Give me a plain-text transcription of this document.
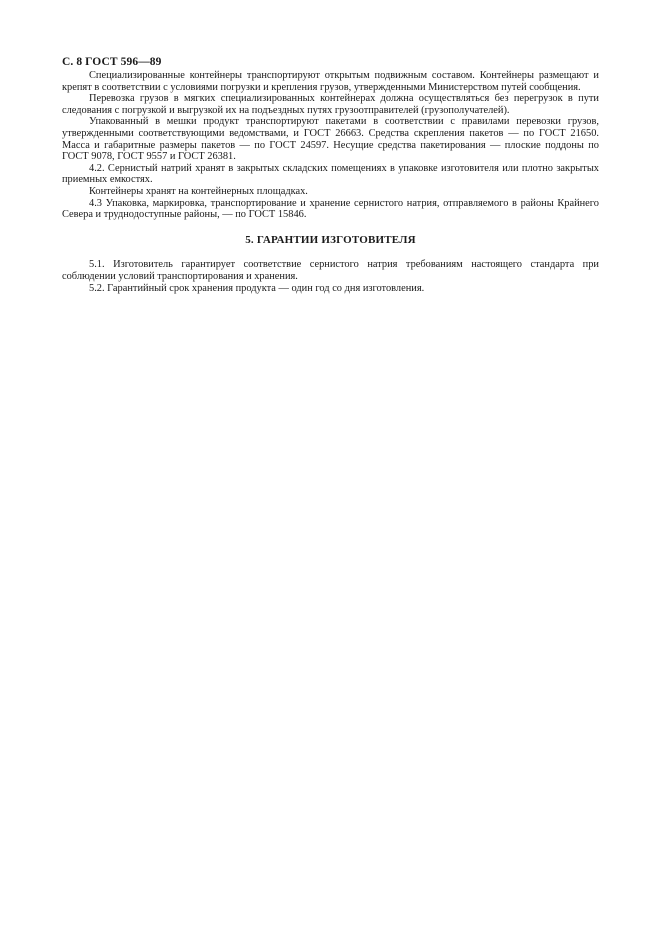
С. 8 ГОСТ 596—89

Специализированные контейнеры транспортируют открытым подвижным составом. Контейнеры размещают и крепят в соответствии с условиями погрузки и крепления грузов, утвержденными Министерством путей сообщения.

Перевозка грузов в мягких специализированных контейнерах должна осуществляться без перегрузок в пути следования с погрузкой и выгрузкой их на подъездных путях грузоотправителей (грузополучателей).

Упакованный в мешки продукт транспортируют пакетами в соответствии с правилами перевозки грузов, утвержденными соответствующими ведомствами, и ГОСТ 26663. Средства скрепления пакетов — по ГОСТ 21650. Масса и габаритные размеры пакетов — по ГОСТ 24597. Несущие средства пакетирования — плоские поддоны по ГОСТ 9078, ГОСТ 9557 и ГОСТ 26381.

4.2. Сернистый натрий хранят в закрытых складских помещениях в упаковке изготовителя или плотно закрытых приемных емкостях.

Контейнеры хранят на контейнерных площадках.

4.3 Упаковка, маркировка, транспортирование и хранение сернистого натрия, отправляемого в районы Крайнего Севера и труднодоступные районы, — по ГОСТ 15846.

5. ГАРАНТИИ ИЗГОТОВИТЕЛЯ

5.1. Изготовитель гарантирует соответствие сернистого натрия требованиям настоящего стандарта при соблюдении условий транспортирования и хранения.

5.2. Гарантийный срок хранения продукта — один год со дня изготовления.
